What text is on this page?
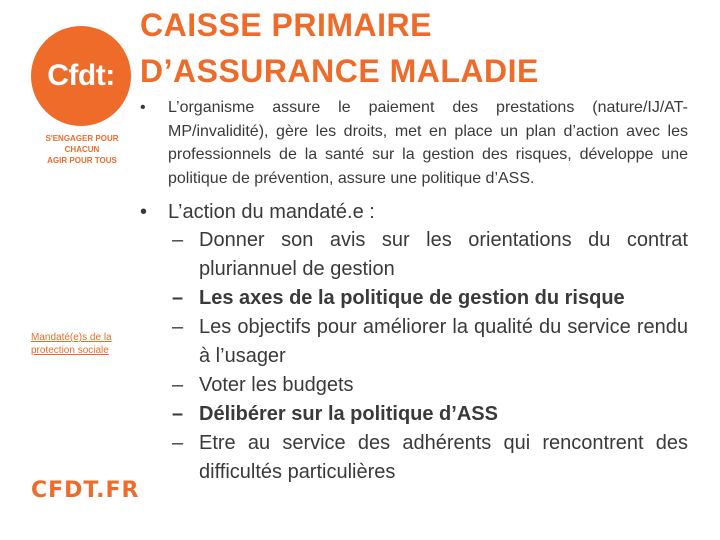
Cfdt:
S'ENGAGER POUR CHACUN
AGIR POUR TOUS
Mandaté(e)s de la
protection sociale
CFDT.FR
CAISSE PRIMAIRE
D’ASSURANCE MALADIE
• L’organisme assure le paiement des prestations (nature/IJ/AT-MP/invalidité), gère les droits, met en place un plan d’action avec les professionnels de la santé sur la gestion des risques, développe une politique de prévention, assure une politique d’ASS.
• L’action du mandaté.e :
– Donner son avis sur les orientations du contrat pluriannuel de gestion
– Les axes de la politique de gestion du risque
– Les objectifs pour améliorer la qualité du service rendu à l’usager
– Voter les budgets
– Délibérer sur la politique d’ASS
– Etre au service des adhérents qui rencontrent des difficultés particulières
